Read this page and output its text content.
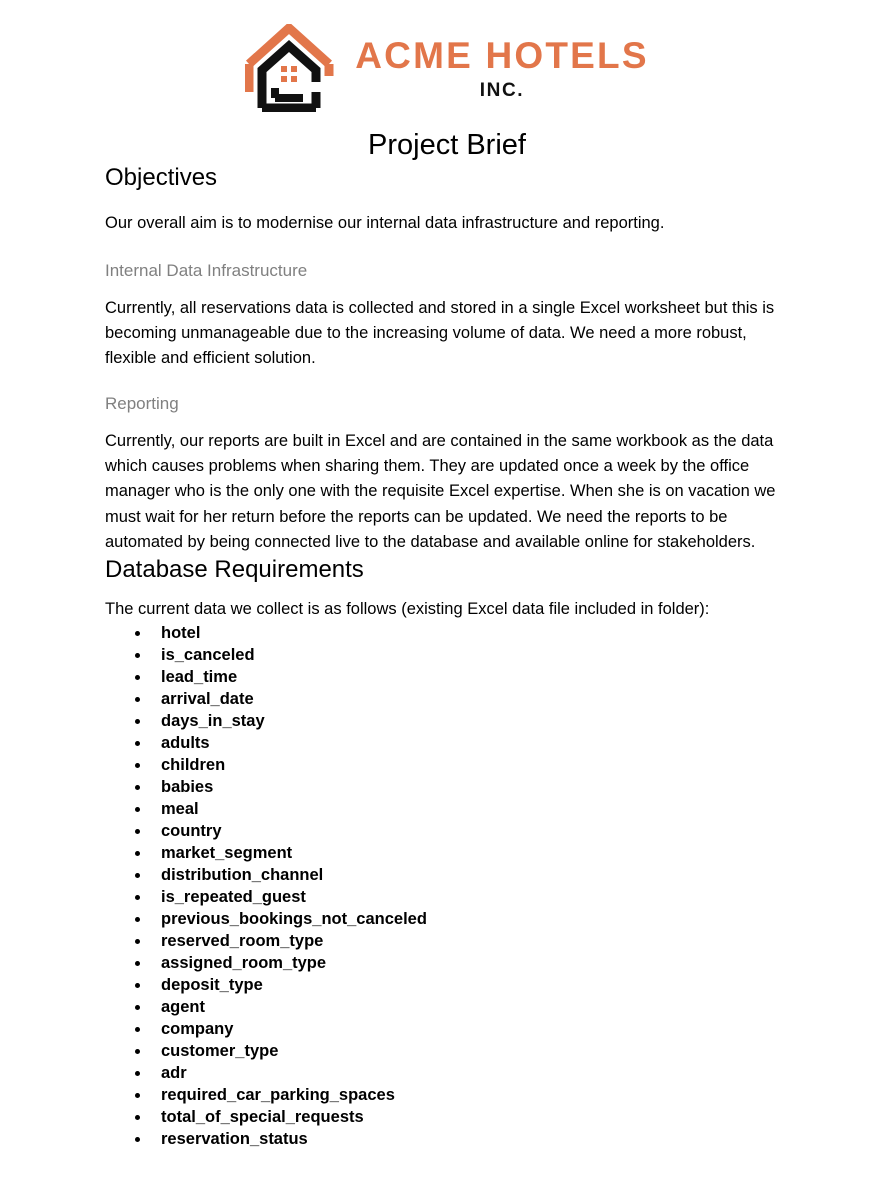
ACME HOTELS
INC.
Project Brief
Objectives

Our overall aim is to modernise our internal data infrastructure and reporting.

Internal Data Infrastructure

Currently, all reservations data is collected and stored in a single Excel worksheet but this is becoming unmanageable due to the increasing volume of data. We need a more robust, flexible and efficient solution.

Reporting

Currently, our reports are built in Excel and are contained in the same workbook as the data which causes problems when sharing them. They are updated once a week by the office manager who is the only one with the requisite Excel expertise. When she is on vacation we must wait for her return before the reports can be updated. We need the reports to be automated by being connected live to the database and available online for stakeholders.

Database Requirements

The current data we collect is as follows (existing Excel data file included in folder):

hotel
is_canceled
lead_time
arrival_date
days_in_stay
adults
children
babies
meal
country
market_segment
distribution_channel
is_repeated_guest
previous_bookings_not_canceled
reserved_room_type
assigned_room_type
deposit_type
agent
company
customer_type
adr
required_car_parking_spaces
total_of_special_requests
reservation_status
